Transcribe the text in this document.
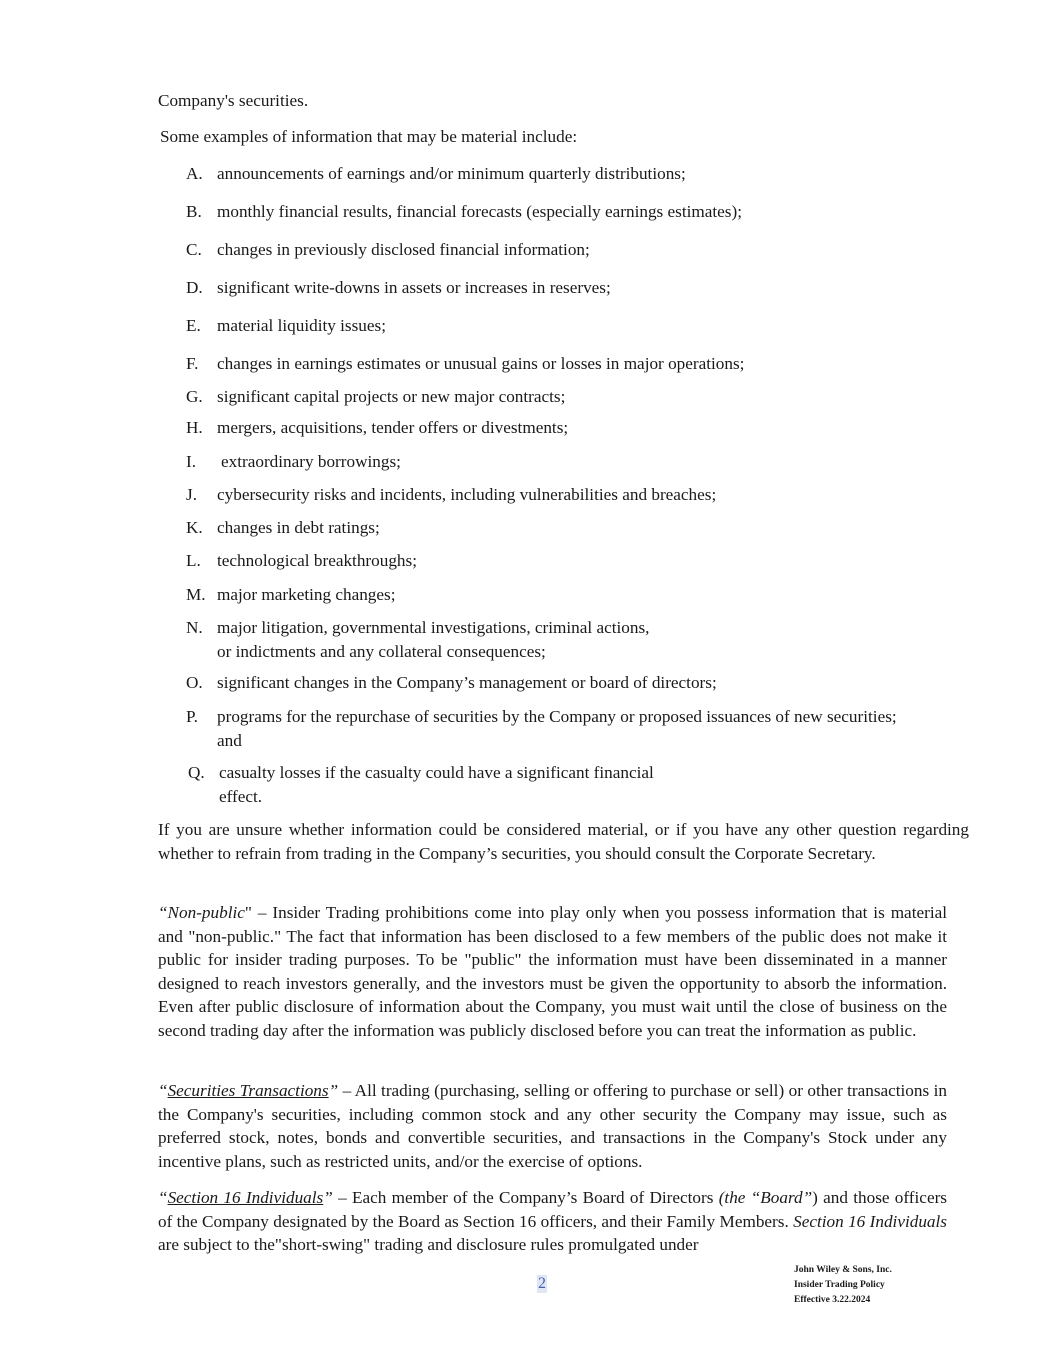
Company's securities.
Some examples of information that may be material include:
A. announcements of earnings and/or minimum quarterly distributions;
B. monthly financial results, financial forecasts (especially earnings estimates);
C. changes in previously disclosed financial information;
D. significant write-downs in assets or increases in reserves;
E. material liquidity issues;
F. changes in earnings estimates or unusual gains or losses in major operations;
G. significant capital projects or new major contracts;
H. mergers, acquisitions, tender offers or divestments;
I. extraordinary borrowings;
J. cybersecurity risks and incidents, including vulnerabilities and breaches;
K. changes in debt ratings;
L. technological breakthroughs;
M. major marketing changes;
N. major litigation, governmental investigations, criminal actions,
or indictments and any collateral consequences;
O. significant changes in the Company’s management or board of directors;
P. programs for the repurchase of securities by the Company or proposed issuances of new securities;
and
Q. casualty losses if the casualty could have a significant financial
effect.

If you are unsure whether information could be considered material, or if you have any other question regarding whether to refrain from trading in the Company’s securities, you should consult the Corporate Secretary.

“Non-public" – Insider Trading prohibitions come into play only when you possess information that is material and "non-public." The fact that information has been disclosed to a few members of the public does not make it public for insider trading purposes. To be "public" the information must have been disseminated in a manner designed to reach investors generally, and the investors must be given the opportunity to absorb the information. Even after public disclosure of information about the Company, you must wait until the close of business on the second trading day after the information was publicly disclosed before you can treat the information as public.

“Securities Transactions” – All trading (purchasing, selling or offering to purchase or sell) or other transactions in the Company's securities, including common stock and any other security the Company may issue, such as preferred stock, notes, bonds and convertible securities, and transactions in the Company's Stock under any incentive plans, such as restricted units, and/or the exercise of options.

“Section 16 Individuals” – Each member of the Company’s Board of Directors (the “Board”) and those officers of the Company designated by the Board as Section 16 officers, and their Family Members. Section 16 Individuals are subject to the"short-swing" trading and disclosure rules promulgated under

2
John Wiley & Sons, Inc.
Insider Trading Policy
Effective 3.22.2024
